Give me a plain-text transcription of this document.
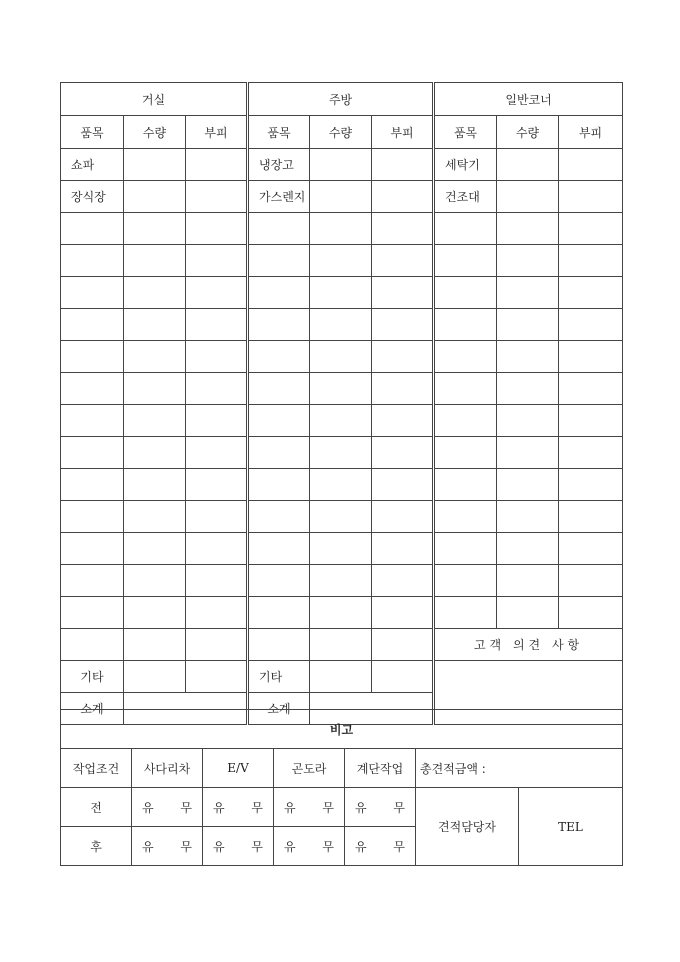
거실			주방			일반코너		
품목	수량	부피	품목	수량	부피	품목	수량	부피
쇼파			냉장고			세탁기		
장식장			가스렌지			건조대		

						고객 의견 사항		
기타			기타					
소계			소계					
비고						
작업조건	사다리차	E/V	곤도라	계단작업	총견적금액 :	
전	유 무	유 무	유 무	유 무	견적담당자	TEL
후	유 무	유 무	유 무	유 무		
